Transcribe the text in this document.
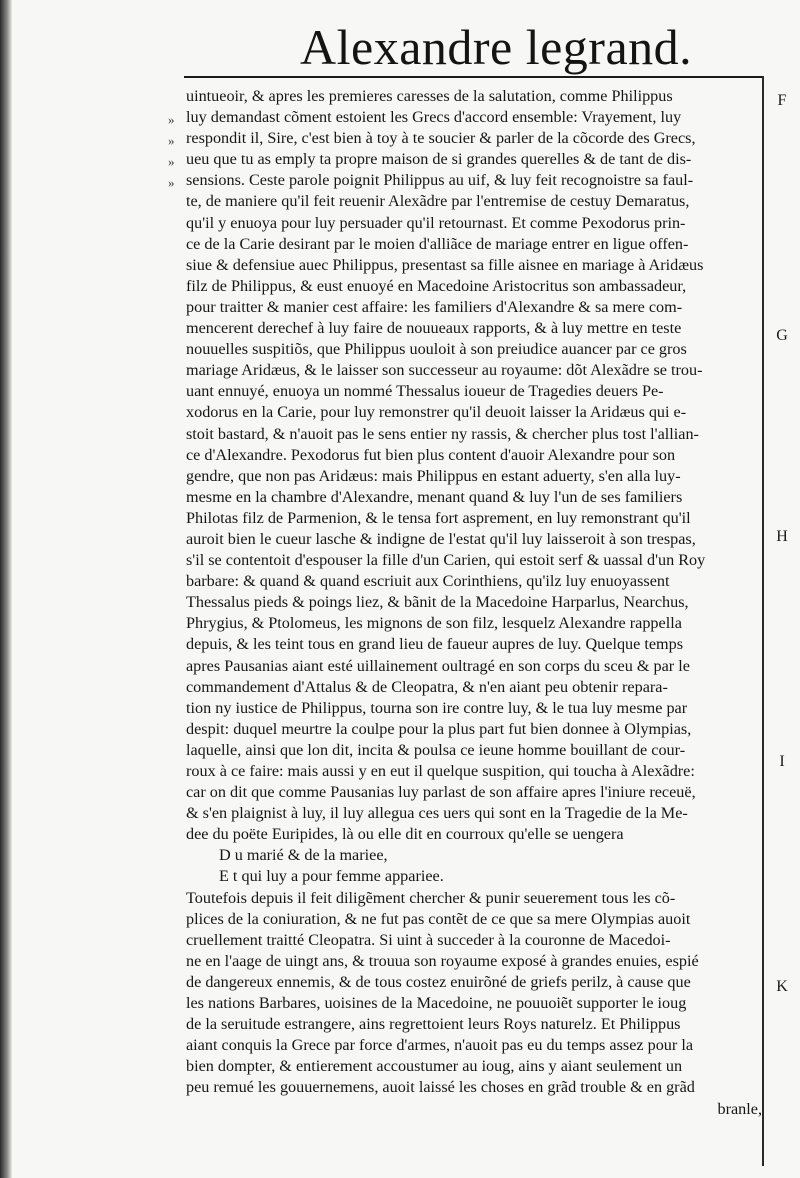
Alexandre legrand.
»
»
»
»
F
G
H
I
K
uintueoir, & apres les premieres caresses de la salutation, comme Philippus
luy demandast cõment estoient les Grecs d'accord ensemble: Vrayement, luy
respondit il, Sire, c'est bien à toy à te soucier & parler de la cõcorde des Grecs,
ueu que tu as emply ta propre maison de si grandes querelles & de tant de dis-
sensions. Ceste parole poignit Philippus au uif, & luy feit recognoistre sa faul-
te, de maniere qu'il feit reuenir Alexãdre par l'entremise de cestuy Demaratus,
qu'il y enuoya pour luy persuader qu'il retournast. Et comme Pexodorus prin-
ce de la Carie desirant par le moien d'alliãce de mariage entrer en ligue offen-
siue & defensiue auec Philippus, presentast sa fille aisnee en mariage à Aridæus
filz de Philippus, & eust enuoyé en Macedoine Aristocritus son ambassadeur,
pour traitter & manier cest affaire: les familiers d'Alexandre & sa mere com-
mencerent derechef à luy faire de nouueaux rapports, & à luy mettre en teste
nouuelles suspitiõs, que Philippus uouloit à son preiudice auancer par ce gros
mariage Aridæus, & le laisser son successeur au royaume: dõt Alexãdre se trou-
uant ennuyé, enuoya un nommé Thessalus ioueur de Tragedies deuers Pe-
xodorus en la Carie, pour luy remonstrer qu'il deuoit laisser la Aridæus qui e-
stoit bastard, & n'auoit pas le sens entier ny rassis, & chercher plus tost l'allian-
ce d'Alexandre. Pexodorus fut bien plus content d'auoir Alexandre pour son
gendre, que non pas Aridæus: mais Philippus en estant aduerty, s'en alla luy-
mesme en la chambre d'Alexandre, menant quand & luy l'un de ses familiers
Philotas filz de Parmenion, & le tensa fort asprement, en luy remonstrant qu'il
auroit bien le cueur lasche & indigne de l'estat qu'il luy laisseroit à son trespas,
s'il se contentoit d'espouser la fille d'un Carien, qui estoit serf & uassal d'un Roy
barbare: & quand & quand escriuit aux Corinthiens, qu'ilz luy enuoyassent
Thessalus pieds & poings liez, & bãnit de la Macedoine Harparlus, Nearchus,
Phrygius, & Ptolomeus, les mignons de son filz, lesquelz Alexandre rappella
depuis, & les teint tous en grand lieu de faueur aupres de luy. Quelque temps
apres Pausanias aiant esté uillainement oultragé en son corps du sceu & par le
commandement d'Attalus & de Cleopatra, & n'en aiant peu obtenir repara-
tion ny iustice de Philippus, tourna son ire contre luy, & le tua luy mesme par
despit: duquel meurtre la coulpe pour la plus part fut bien donnee à Olympias,
laquelle, ainsi que lon dit, incita & poulsa ce ieune homme bouillant de cour-
roux à ce faire: mais aussi y en eut il quelque suspition, qui toucha à Alexãdre:
car on dit que comme Pausanias luy parlast de son affaire apres l'iniure receuë,
& s'en plaignist à luy, il luy allegua ces uers qui sont en la Tragedie de la Me-
dee du poëte Euripides, là ou elle dit en courroux qu'elle se uengera
D u marié & de la mariee,
E t qui luy a pour femme appariee.
Toutefois depuis il feit diligẽment chercher & punir seuerement tous les cõ-
plices de la coniuration, & ne fut pas contẽt de ce que sa mere Olympias auoit
cruellement traitté Cleopatra. Si uint à succeder à la couronne de Macedoi-
ne en l'aage de uingt ans, & trouua son royaume exposé à grandes enuies, espié
de dangereux ennemis, & de tous costez enuirõné de griefs perilz, à cause que
les nations Barbares, uoisines de la Macedoine, ne pouuoiẽt supporter le ioug
de la seruitude estrangere, ains regrettoient leurs Roys naturelz. Et Philippus
aiant conquis la Grece par force d'armes, n'auoit pas eu du temps assez pour la
bien dompter, & entierement accoustumer au ioug, ains y aiant seulement un
peu remué les gouuernemens, auoit laissé les choses en grãd trouble & en grãd
branle,
